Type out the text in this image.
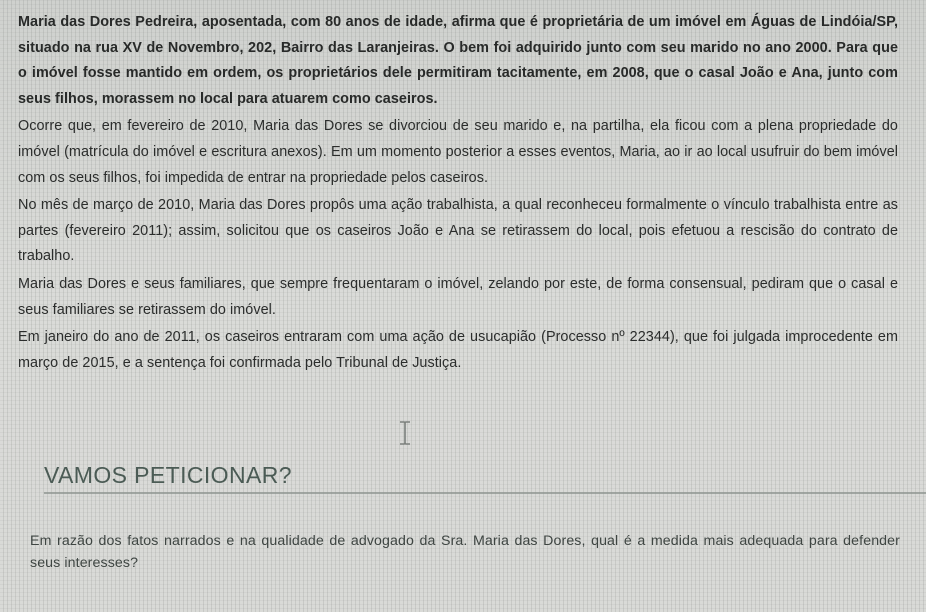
Maria das Dores Pedreira, aposentada, com 80 anos de idade, afirma que é proprietária de um imóvel em Águas de Lindóia/SP, situado na rua XV de Novembro, 202, Bairro das Laranjeiras. O bem foi adquirido junto com seu marido no ano 2000. Para que o imóvel fosse mantido em ordem, os proprietários dele permitiram tacitamente, em 2008, que o casal João e Ana, junto com seus filhos, morassem no local para atuarem como caseiros.

Ocorre que, em fevereiro de 2010, Maria das Dores se divorciou de seu marido e, na partilha, ela ficou com a plena propriedade do imóvel (matrícula do imóvel e escritura anexos). Em um momento posterior a esses eventos, Maria, ao ir ao local usufruir do bem imóvel com os seus filhos, foi impedida de entrar na propriedade pelos caseiros.

No mês de março de 2010, Maria das Dores propôs uma ação trabalhista, a qual reconheceu formalmente o vínculo trabalhista entre as partes (fevereiro 2011); assim, solicitou que os caseiros João e Ana se retirassem do local, pois efetuou a rescisão do contrato de trabalho.

Maria das Dores e seus familiares, que sempre frequentaram o imóvel, zelando por este, de forma consensual, pediram que o casal e seus familiares se retirassem do imóvel.

Em janeiro do ano de 2011, os caseiros entraram com uma ação de usucapião (Processo nº 22344), que foi julgada improcedente em março de 2015, e a sentença foi confirmada pelo Tribunal de Justiça.

VAMOS PETICIONAR?

Em razão dos fatos narrados e na qualidade de advogado da Sra. Maria das Dores, qual é a medida mais adequada para defender seus interesses?
